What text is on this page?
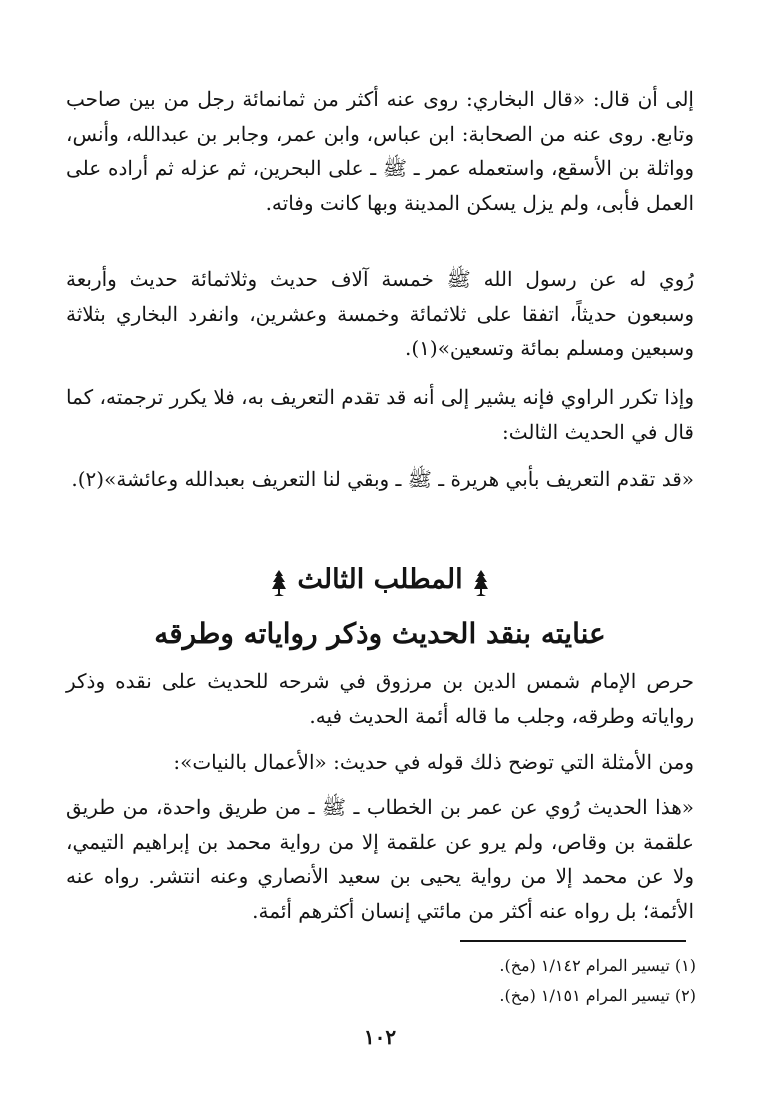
إلى أن قال: «قال البخاري: روى عنه أكثر من ثمانمائة رجل من بين صاحب وتابع. روى عنه من الصحابة: ابن عباس، وابن عمر، وجابر بن عبدالله، وأنس، وواثلة بن الأسقع، واستعمله عمر ـ ﷺ ـ على البحرين، ثم عزله ثم أراده على العمل فأبى، ولم يزل يسكن المدينة وبها كانت وفاته.

رُوي له عن رسول الله ﷺ خمسة آلاف حديث وثلاثمائة حديث وأربعة وسبعون حديثاً، اتفقا على ثلاثمائة وخمسة وعشرين، وانفرد البخاري بثلاثة وسبعين ومسلم بمائة وتسعين»(١).

وإذا تكرر الراوي فإنه يشير إلى أنه قد تقدم التعريف به، فلا يكرر ترجمته، كما قال في الحديث الثالث:

«قد تقدم التعريف بأبي هريرة ـ ﷺ ـ وبقي لنا التعريف بعبدالله وعائشة»(٢).

المطلب الثالث
عنايته بنقد الحديث وذكر رواياته وطرقه

حرص الإمام شمس الدين بن مرزوق في شرحه للحديث على نقده وذكر رواياته وطرقه، وجلب ما قاله أئمة الحديث فيه.

ومن الأمثلة التي توضح ذلك قوله في حديث: «الأعمال بالنيات»:

«هذا الحديث رُوي عن عمر بن الخطاب ـ ﷺ ـ من طريق واحدة، من طريق علقمة بن وقاص، ولم يرو عن علقمة إلا من رواية محمد بن إبراهيم التيمي، ولا عن محمد إلا من رواية يحيى بن سعيد الأنصاري وعنه انتشر. رواه عنه الأئمة؛ بل رواه عنه أكثر من مائتي إنسان أكثرهم أئمة.

(١) تيسير المرام ١/١٤٢ (مخ).
(٢) تيسير المرام ١/١٥١ (مخ).
١٠٢
